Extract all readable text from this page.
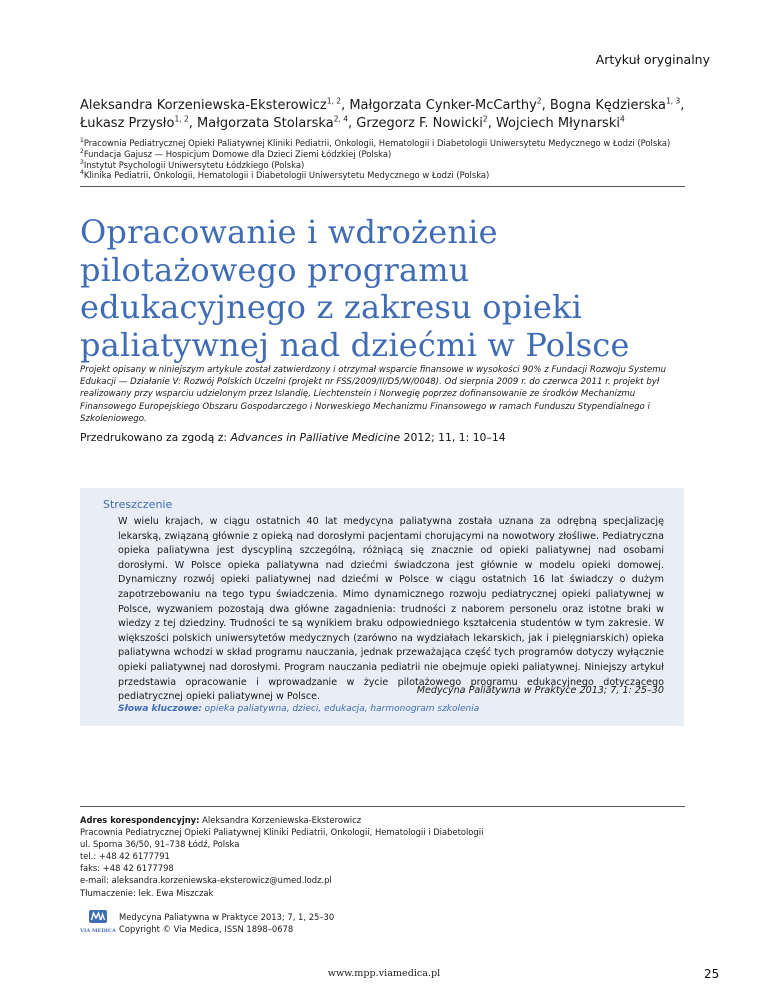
Artykuł oryginalny
Aleksandra Korzeniewska-Eksterowicz$^{1, 2}$, Małgorzata Cynker-McCarthy$^2$, Bogna Kędzierska$^{1, 3}$,
Łukasz Przysło$^{1, 2}$, Małgorzata Stolarska$^{2, 4}$, Grzegorz F. Nowicki$^2$, Wojciech Młynarski$^4$
$^1$Pracownia Pediatrycznej Opieki Paliatywnej Kliniki Pediatrii, Onkologii, Hematologii i Diabetologii Uniwersytetu Medycznego w Łodzi (Polska)
$^2$Fundacja Gajusz — Hospicjum Domowe dla Dzieci Ziemi Łódzkiej (Polska)
$^3$Instytut Psychologii Uniwersytetu Łódzkiego (Polska)
$^4$Klinika Pediatrii, Onkologii, Hematologii i Diabetologii Uniwersytetu Medycznego w Łodzi (Polska)
Opracowanie i wdrożenie pilotażowego programu edukacyjnego z zakresu opieki paliatywnej nad dziećmi w Polsce
Projekt opisany w niniejszym artykule został zatwierdzony i otrzymał wsparcie finansowe w wysokości 90% z Fundacji Rozwoju Systemu Edukacji — Działanie V: Rozwój Polskich Uczelni (projekt nr FSS/2009/II/D5/W/0048). Od sierpnia 2009 r. do czerwca 2011 r. projekt był realizowany przy wsparciu udzielonym przez Islandię, Liechtenstein i Norwegię poprzez dofinansowanie ze środków Mechanizmu Finansowego Europejskiego Obszaru Gospodarczego i Norweskiego Mechanizmu Finansowego w ramach Funduszu Stypendialnego i Szkoleniowego.
Przedrukowano za zgodą z: Advances in Palliative Medicine 2012; 11, 1: 10–14
Streszczenie
W wielu krajach, w ciągu ostatnich 40 lat medycyna paliatywna została uznana za odrębną specjalizację lekarską, związaną głównie z opieką nad dorosłymi pacjentami chorującymi na nowotwory złośliwe. Pediatryczna opieka paliatywna jest dyscypliną szczególną, różniącą się znacznie od opieki paliatywnej nad osobami dorosłymi. W Polsce opieka paliatywna nad dziećmi świadczona jest głównie w modelu opieki domowej. Dynamiczny rozwój opieki paliatywnej nad dziećmi w Polsce w ciągu ostatnich 16 lat świadczy o dużym zapotrzebowaniu na tego typu świadczenia. Mimo dynamicznego rozwoju pediatrycznej opieki paliatywnej w Polsce, wyzwaniem pozostają dwa główne zagadnienia: trudności z naborem personelu oraz istotne braki w wiedzy z tej dziedziny. Trudności te są wynikiem braku odpowiedniego kształcenia studentów w tym zakresie. W większości polskich uniwersytetów medycznych (zarówno na wydziałach lekarskich, jak i pielęgniarskich) opieka paliatywna wchodzi w skład programu nauczania, jednak przeważająca część tych programów dotyczy wyłącznie opieki paliatywnej nad dorosłymi. Program nauczania pediatrii nie obejmuje opieki paliatywnej. Niniejszy artykuł przedstawia opracowanie i wprowadzanie w życie pilotażowego programu edukacyjnego dotyczącego pediatrycznej opieki paliatywnej w Polsce.
Medycyna Paliatywna w Praktyce 2013; 7, 1: 25–30
Słowa kluczowe: opieka paliatywna, dzieci, edukacja, harmonogram szkolenia
Adres korespondencyjny: Aleksandra Korzeniewska-Eksterowicz
Pracownia Pediatrycznej Opieki Paliatywnej Kliniki Pediatrii, Onkologii, Hematologii i Diabetologii
ul. Sporna 36/50, 91–738 Łódź, Polska
tel.: +48 42 6177791
faks: +48 42 6177798
e-mail: aleksandra.korzeniewska-eksterowicz@umed.lodz.pl
Tłumaczenie: lek. Ewa Miszczak
VIA MEDICA
Medycyna Paliatywna w Praktyce 2013; 7, 1, 25–30
Copyright © Via Medica, ISSN 1898–0678
www.mpp.viamedica.pl	25
